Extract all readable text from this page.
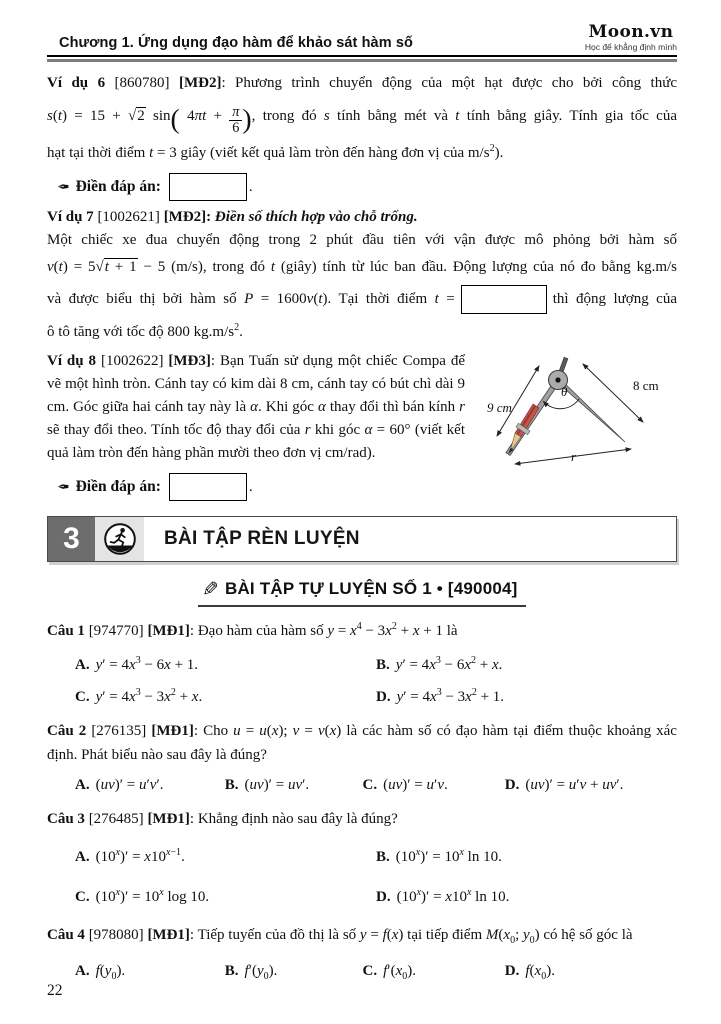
Chương 1. Ứng dụng đạo hàm để khảo sát hàm số
Moon.vn
Học để khẳng định mình

Ví dụ 6 [860780] [MĐ2]: Phương trình chuyển động của một hạt được cho bởi công thức

s(t) = 15 + √2 sin( $4\pi t + \frac{\pi}{6}$ ), trong đó s tính bằng mét và t tính bằng giây. Tính gia tốc của

hạt tại thời điểm t = 3 giây (viết kết quả làm tròn đến hàng đơn vị của $m/s^2$).

✒ Điền đáp án:	.

Ví dụ 7 [1002621] [MĐ2]: Điền số thích hợp vào chỗ trống.

Một chiếc xe đua chuyển động trong 2 phút đầu tiên với vận được mô phỏng bởi hàm số

v(t) = 5√t + 1 − 5 (m/s), trong đó t (giây) tính từ lúc ban đầu. Động lượng của nó đo bằng kg.m/s

và được biểu thị bởi hàm số P = 1600v(t). Tại thời điểm t =	thì động lượng của

ô tô tăng với tốc độ 800 $kg.m/s^2$.

9 cm
8 cm
θ
r

Ví dụ 8 [1002622] [MĐ3]: Bạn Tuấn sử dụng một chiếc Compa để vẽ một hình tròn. Cánh tay có kim dài 8 cm, cánh tay có bút chì dài 9 cm. Góc giữa hai cánh tay này là α. Khi góc α thay đổi thì bán kính r sẽ thay đổi theo. Tính tốc độ thay đổi của r khi góc α = 60° (viết kết quả làm tròn đến hàng phần mười theo đơn vị cm/rad).

✒ Điền đáp án:	.
3	BÀI TẬP RÈN LUYỆN
✎ BÀI TẬP TỰ LUYỆN SỐ 1 • [490004]

Câu 1 [974770] [MĐ1]: Đạo hàm của hàm số $y = x^4 - 3x^2 + x + 1$ là

A. $y' = 4x^3 - 6x + 1$.	B. $y' = 4x^3 - 6x^2 + x$.
C. $y' = 4x^3 - 3x^2 + x$.	D. $y' = 4x^3 - 3x^2 + 1$.

Câu 2 [276135] [MĐ1]: Cho u = u(x); v = v(x) là các hàm số có đạo hàm tại điểm thuộc khoảng xác định. Phát biểu nào sau đây là đúng?

A. (uv)′ = u′v′.	B. (uv)′ = uv′.	C. (uv)′ = u′v.	D. (uv)′ = u′v + uv′.

Câu 3 [276485] [MĐ1]: Khẳng định nào sau đây là đúng?

A. $(10^x)' = x10^{x-1}$.	B. $(10^x)' = 10^x$ ln 10.
C. $(10^x)' = 10^x$ log 10.	D. $(10^x)' = x10^x$ ln 10.

Câu 4 [978080] [MĐ1]: Tiếp tuyến của đồ thị là số y = f(x) tại tiếp điểm $M(x_0$; $y_0$) có hệ số góc là

A. $f(y_0)$.	B. $f'(y_0)$.	C. $f'(x_0)$.	D. $f(x_0)$.
22
